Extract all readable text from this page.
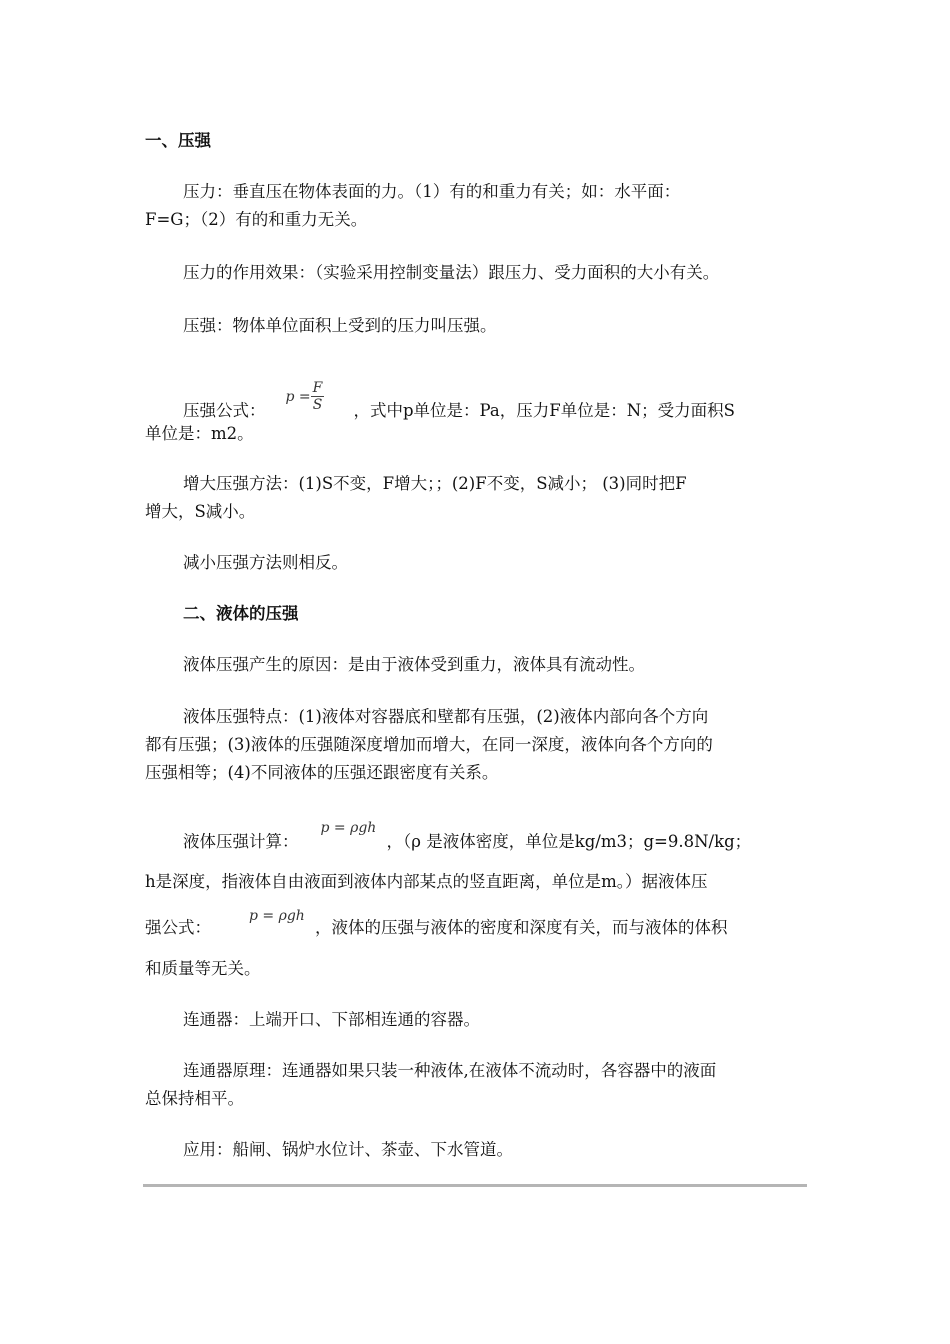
一、压强
压力：垂直压在物体表面的力。（1）有的和重力有关；如：水平面：
F=G；（2）有的和重力无关。
压力的作用效果：（实验采用控制变量法）跟压力、受力面积的大小有关。
压强：物体单位面积上受到的压力叫压强。
压强公式：$p = \frac{F}{S}$ ，式中p单位是：Pa，压力F单位是：N；受力面积S
单位是：m2。
增大压强方法：(1)S不变，F增大；；(2)F不变，S减小； (3)同时把F
增大，S减小。
减小压强方法则相反。
二、液体的压强
液体压强产生的原因：是由于液体受到重力，液体具有流动性。
液体压强特点：(1)液体对容器底和壁都有压强，(2)液体内部向各个方向
都有压强；(3)液体的压强随深度增加而增大，在同一深度，液体向各个方向的
压强相等；(4)不同液体的压强还跟密度有关系。
液体压强计算：p = ρgh，（ρ 是液体密度，单位是kg/m3；g=9.8N/kg；
h是深度，指液体自由液面到液体内部某点的竖直距离，单位是m。）据液体压
强公式：p = ρgh，液体的压强与液体的密度和深度有关，而与液体的体积
和质量等无关。
连通器：上端开口、下部相连通的容器。
连通器原理：连通器如果只装一种液体,在液体不流动时，各容器中的液面
总保持相平。
应用：船闸、锅炉水位计、茶壶、下水管道。
